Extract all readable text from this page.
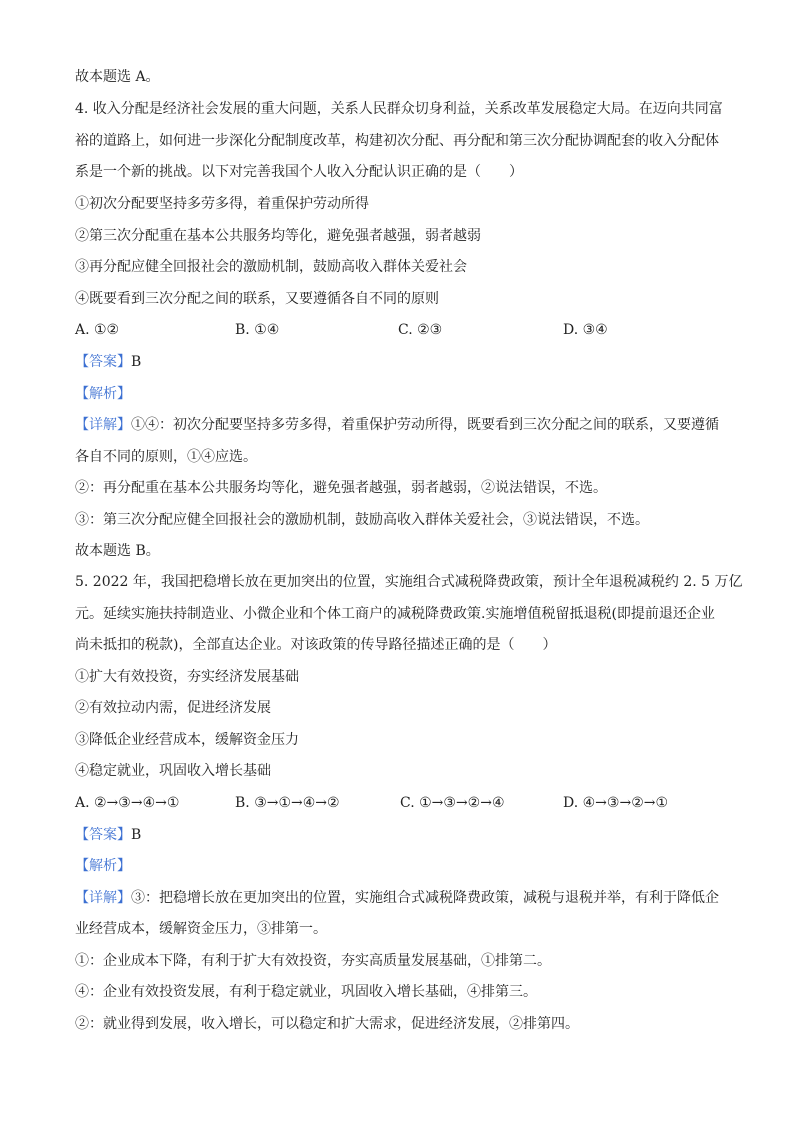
故本题选 A。
4. 收入分配是经济社会发展的重大问题，关系人民群众切身利益，关系改革发展稳定大局。在迈向共同富
裕的道路上，如何进一步深化分配制度改革，构建初次分配、再分配和第三次分配协调配套的收入分配体
系是一个新的挑战。以下对完善我国个人收入分配认识正确的是（　　）
①初次分配要坚持多劳多得，着重保护劳动所得
②第三次分配重在基本公共服务均等化，避免强者越强，弱者越弱
③再分配应健全回报社会的激励机制，鼓励高收入群体关爱社会
④既要看到三次分配之间的联系，又要遵循各自不同的原则
A. ①②	B. ①④	C. ②③	D. ③④
【答案】B
【解析】
【详解】①④：初次分配要坚持多劳多得，着重保护劳动所得，既要看到三次分配之间的联系，又要遵循
各自不同的原则，①④应选。
②：再分配重在基本公共服务均等化，避免强者越强，弱者越弱，②说法错误，不选。
③：第三次分配应健全回报社会的激励机制，鼓励高收入群体关爱社会，③说法错误，不选。
故本题选 B。
5. 2022 年，我国把稳增长放在更加突出的位置，实施组合式减税降费政策，预计全年退税减税约 2. 5 万亿
元。延续实施扶持制造业、小微企业和个体工商户的减税降费政策.实施增值税留抵退税(即提前退还企业
尚未抵扣的税款)，全部直达企业。对该政策的传导路径描述正确的是（　　）
①扩大有效投资，夯实经济发展基础
②有效拉动内需，促进经济发展
③降低企业经营成本，缓解资金压力
④稳定就业，巩固收入增长基础
A. ②→③→④→①	B. ③→①→④→②	C. ①→③→②→④	D. ④→③→②→①
【答案】B
【解析】
【详解】③：把稳增长放在更加突出的位置，实施组合式减税降费政策，减税与退税并举，有利于降低企
业经营成本，缓解资金压力，③排第一。
①：企业成本下降，有利于扩大有效投资，夯实高质量发展基础，①排第二。
④：企业有效投资发展，有利于稳定就业，巩固收入增长基础，④排第三。
②：就业得到发展，收入增长，可以稳定和扩大需求，促进经济发展，②排第四。
